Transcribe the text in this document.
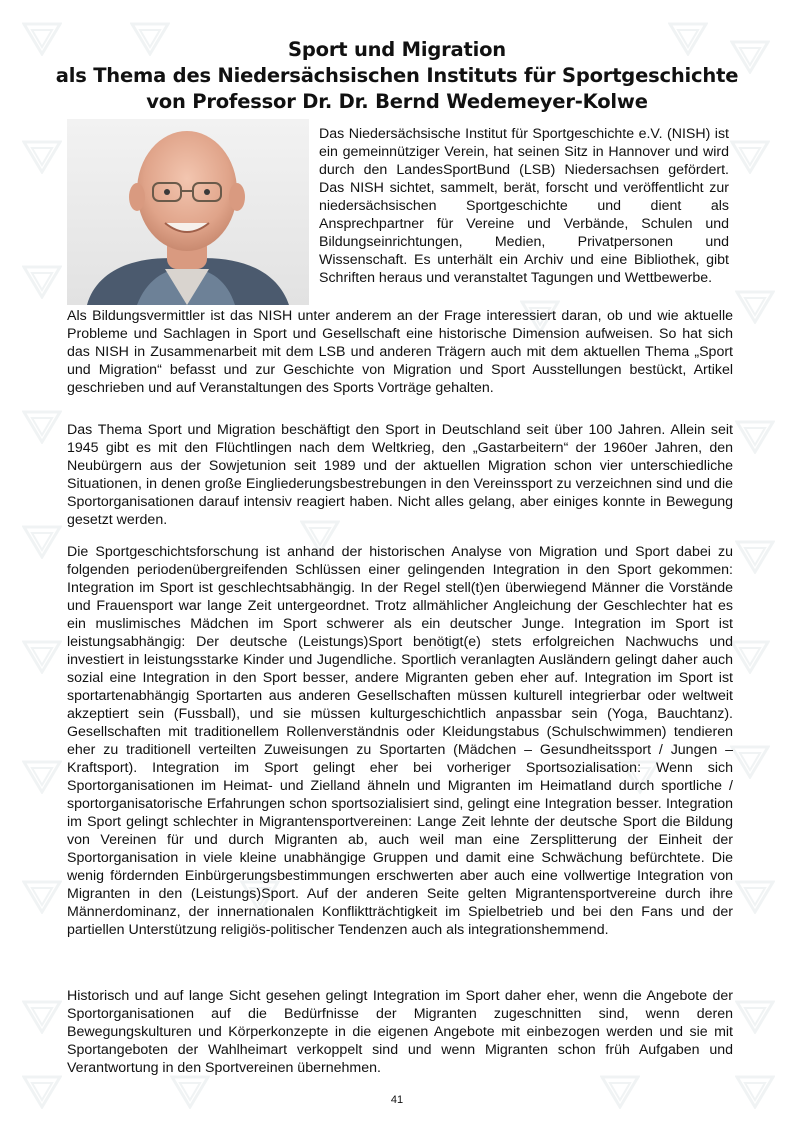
Sport und Migration
als Thema des Niedersächsischen Instituts für Sportgeschichte
von Professor Dr. Dr. Bernd Wedemeyer-Kolwe

Das Niedersächsische Institut für Sportgeschichte e.V. (NISH) ist ein gemeinnütziger Verein, hat seinen Sitz in Hannover und wird durch den LandesSportBund (LSB) Niedersachsen gefördert. Das NISH sichtet, sammelt, berät, forscht und veröffentlicht zur niedersächsischen Sportgeschichte und dient als Ansprechpartner für Vereine und Verbände, Schulen und Bildungseinrichtungen, Medien, Privatpersonen und Wissenschaft. Es unterhält ein Archiv und eine Bibliothek, gibt Schriften heraus und veranstaltet Tagungen und Wettbewerbe.

Als Bildungsvermittler ist das NISH unter anderem an der Frage interessiert daran, ob und wie aktuelle Probleme und Sachlagen in Sport und Gesellschaft eine historische Dimension aufweisen. So hat sich das NISH in Zusammenarbeit mit dem LSB und anderen Trägern auch mit dem aktuellen Thema „Sport und Migration“ befasst und zur Geschichte von Migration und Sport Ausstellungen bestückt, Artikel geschrieben und auf Veranstaltungen des Sports Vorträge gehalten.

Das Thema Sport und Migration beschäftigt den Sport in Deutschland seit über 100 Jahren. Allein seit 1945 gibt es mit den Flüchtlingen nach dem Weltkrieg, den „Gastarbeitern“ der 1960er Jahren, den Neubürgern aus der Sowjetunion seit 1989 und der aktuellen Migration schon vier unterschiedliche Situationen, in denen große Eingliederungsbestrebungen in den Vereinssport zu verzeichnen sind und die Sportorganisationen darauf intensiv reagiert haben. Nicht alles gelang, aber einiges konnte in Bewegung gesetzt werden.

Die Sportgeschichtsforschung ist anhand der historischen Analyse von Migration und Sport dabei zu folgenden periodenübergreifenden Schlüssen einer gelingenden Integration in den Sport gekommen: Integration im Sport ist geschlechtsabhängig. In der Regel stell(t)en überwiegend Männer die Vorstände und Frauensport war lange Zeit untergeordnet. Trotz allmählicher Angleichung der Geschlechter hat es ein muslimisches Mädchen im Sport schwerer als ein deutscher Junge. Integration im Sport ist leistungsabhängig: Der deutsche (Leistungs)Sport benötigt(e) stets erfolgreichen Nachwuchs und investiert in leistungsstarke Kinder und Jugendliche. Sportlich veranlagten Ausländern gelingt daher auch sozial eine Integration in den Sport besser, andere Migranten geben eher auf. Integration im Sport ist sportartenabhängig Sportarten aus anderen Gesellschaften müssen kulturell integrierbar oder weltweit akzeptiert sein (Fussball), und sie müssen kulturgeschichtlich anpassbar sein (Yoga, Bauchtanz). Gesellschaften mit traditionellem Rollenverständnis oder Kleidungstabus (Schulschwimmen) tendieren eher zu traditionell verteilten Zuweisungen zu Sportarten (Mädchen – Gesundheitssport / Jungen – Kraftsport). Integration im Sport gelingt eher bei vorheriger Sportsozialisation: Wenn sich Sportorganisationen im Heimat- und Zielland ähneln und Migranten im Heimatland durch sportliche / sportorganisatorische Erfahrungen schon sportsozialisiert sind, gelingt eine Integration besser. Integration im Sport gelingt schlechter in Migrantensportvereinen: Lange Zeit lehnte der deutsche Sport die Bildung von Vereinen für und durch Migranten ab, auch weil man eine Zersplitterung der Einheit der Sportorganisation in viele kleine unabhängige Gruppen und damit eine Schwächung befürchtete. Die wenig fördernden Einbürgerungsbestimmungen erschwerten aber auch eine vollwertige Integration von Migranten in den (Leistungs)Sport. Auf der anderen Seite gelten Migrantensportvereine durch ihre Männerdominanz, der innernationalen Konfliktträchtigkeit im Spielbetrieb und bei den Fans und der partiellen Unterstützung religiös-politischer Tendenzen auch als integrationshemmend.

Historisch und auf lange Sicht gesehen gelingt Integration im Sport daher eher, wenn die Angebote der Sportorganisationen auf die Bedürfnisse der Migranten zugeschnitten sind, wenn deren Bewegungskulturen und Körperkonzepte in die eigenen Angebote mit einbezogen werden und sie mit Sportangeboten der Wahlheimart verkoppelt sind und wenn Migranten schon früh Aufgaben und Verantwortung in den Sportvereinen übernehmen.

41
